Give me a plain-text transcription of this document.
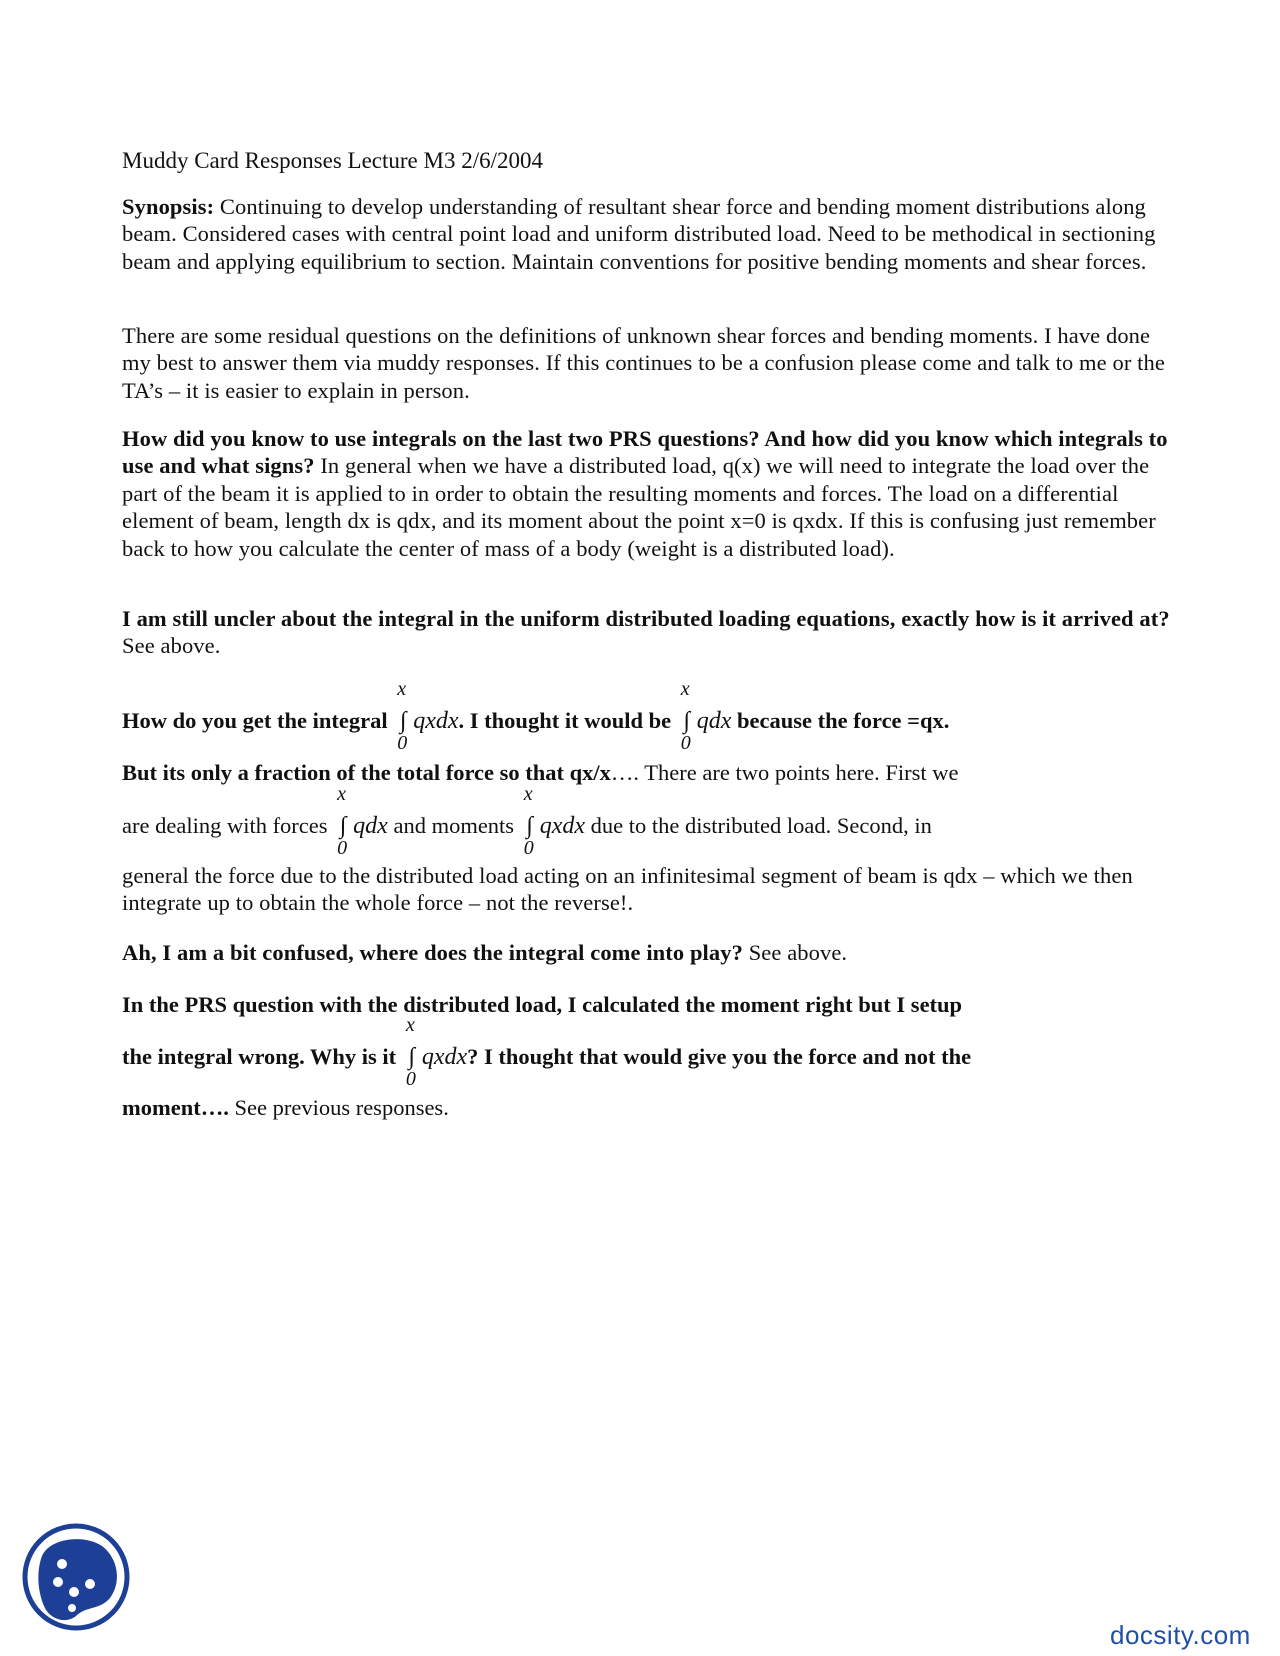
Muddy Card Responses Lecture M3 2/6/2004
Synopsis: Continuing to develop understanding of resultant shear force and bending moment distributions along beam. Considered cases with central point load and uniform distributed load. Need to be methodical in sectioning beam and applying equilibrium to section. Maintain conventions for positive bending moments and shear forces.
There are some residual questions on the definitions of unknown shear forces and bending moments. I have done my best to answer them via muddy responses. If this continues to be a confusion please come and talk to me or the TA’s – it is easier to explain in person.
How did you know to use integrals on the last two PRS questions? And how did you know which integrals to use and what signs? In general when we have a distributed load, q(x) we will need to integrate the load over the part of the beam it is applied to in order to obtain the resulting moments and forces. The load on a differential element of beam, length dx is qdx, and its moment about the point x=0 is qxdx. If this is confusing just remember back to how you calculate the center of mass of a body (weight is a distributed load).
I am still uncler about the integral in the uniform distributed loading equations, exactly how is it arrived at? See above.
How do you get the integral ∫
x
0
qxdx. I thought it would be ∫
x
0
qdx because the force =qx.
But its only a fraction of the total force so that qx/x…. There are two points here. First we
are dealing with forces ∫
x
0
qdx and moments ∫
x
0
qxdx due to the distributed load. Second, in
general the force due to the distributed load acting on an infinitesimal segment of beam is qdx – which we then integrate up to obtain the whole force – not the reverse!.
Ah, I am a bit confused, where does the integral come into play? See above.
In the PRS question with the distributed load, I calculated the moment right but I setup
the integral wrong. Why is it ∫
x
0
qxdx? I thought that would give you the force and not the
moment…. See previous responses.
docsity.com
